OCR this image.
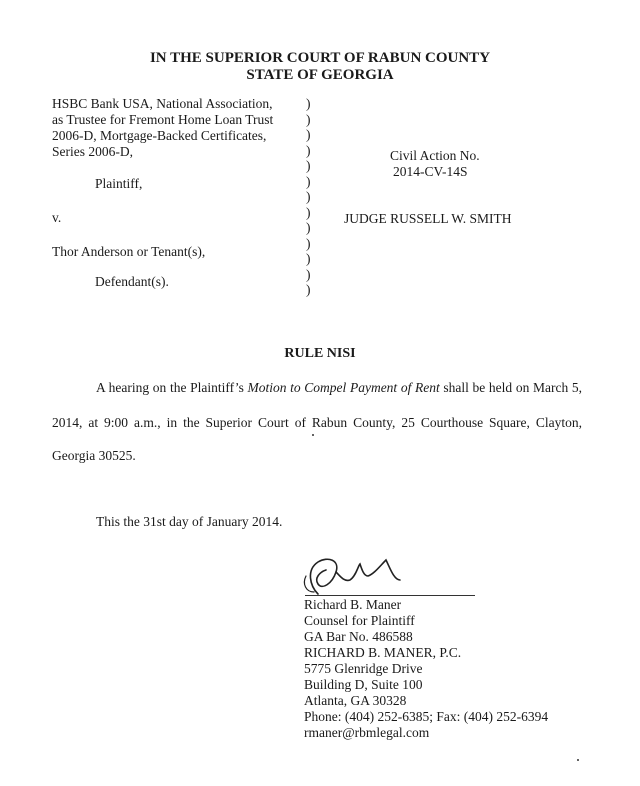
IN THE SUPERIOR COURT OF RABUN COUNTY
STATE OF GEORGIA
HSBC Bank USA, National Association,
as Trustee for Fremont Home Loan Trust
2006-D, Mortgage-Backed Certificates,
Series 2006-D,
Plaintiff,
v.
Thor Anderson or Tenant(s),
Defendant(s).
)
)
)
)
)
)
)
)
)
)
)
)
)
Civil Action No.
2014-CV-14S
JUDGE RUSSELL W. SMITH
RULE NISI
A hearing on the Plaintiff’s Motion to Compel Payment of Rent shall be held on March 5,
2014, at 9:00 a.m., in the Superior Court of Rabun County, 25 Courthouse Square, Clayton,
Georgia 30525.
This the 31st day of January 2014.
Richard B. Maner
Counsel for Plaintiff
GA Bar No. 486588
RICHARD B. MANER, P.C.
5775 Glenridge Drive
Building D, Suite 100
Atlanta, GA 30328
Phone: (404) 252-6385; Fax: (404) 252-6394
rmaner@rbmlegal.com
